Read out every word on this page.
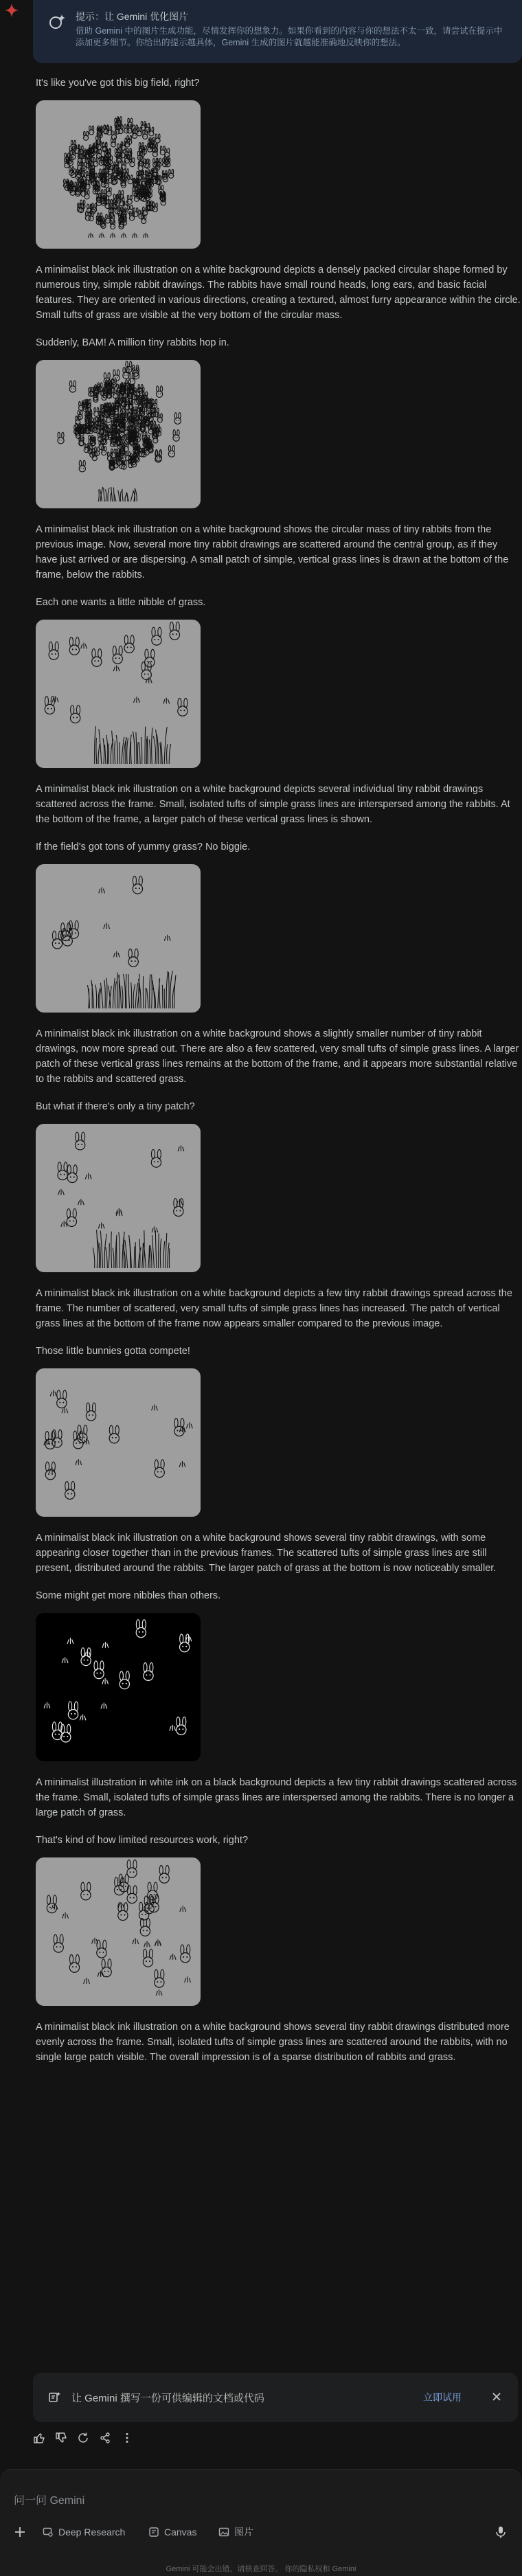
提示：让 Gemini 优化图片
借助 Gemini 中的图片生成功能，尽情发挥你的想象力。如果你看到的内容与你的想法不太一致，请尝试在提示中添加更多细节。你给出的提示越具体，Gemini 生成的图片就越能准确地反映你的想法。

It's like you've got this big field, right?

A minimalist black ink illustration on a white background depicts a densely packed circular shape formed by numerous tiny, simple rabbit drawings. The rabbits have small round heads, long ears, and basic facial features. They are oriented in various directions, creating a textured, almost furry appearance within the circle. Small tufts of grass are visible at the very bottom of the circular mass.

Suddenly, BAM! A million tiny rabbits hop in.

A minimalist black ink illustration on a white background shows the circular mass of tiny rabbits from the previous image. Now, several more tiny rabbit drawings are scattered around the central group, as if they have just arrived or are dispersing. A small patch of simple, vertical grass lines is drawn at the bottom of the frame, below the rabbits.

Each one wants a little nibble of grass.

A minimalist black ink illustration on a white background depicts several individual tiny rabbit drawings scattered across the frame. Small, isolated tufts of simple grass lines are interspersed among the rabbits. At the bottom of the frame, a larger patch of these vertical grass lines is shown.

If the field's got tons of yummy grass? No biggie.

A minimalist black ink illustration on a white background shows a slightly smaller number of tiny rabbit drawings, now more spread out. There are also a few scattered, very small tufts of simple grass lines. A larger patch of these vertical grass lines remains at the bottom of the frame, and it appears more substantial relative to the rabbits and scattered grass.

But what if there's only a tiny patch?

A minimalist black ink illustration on a white background depicts a few tiny rabbit drawings spread across the frame. The number of scattered, very small tufts of simple grass lines has increased. The patch of vertical grass lines at the bottom of the frame now appears smaller compared to the previous image.

Those little bunnies gotta compete!

A minimalist black ink illustration on a white background shows several tiny rabbit drawings, with some appearing closer together than in the previous frames. The scattered tufts of simple grass lines are still present, distributed around the rabbits. The larger patch of grass at the bottom is now noticeably smaller.

Some might get more nibbles than others.

A minimalist illustration in white ink on a black background depicts a few tiny rabbit drawings scattered across the frame. Small, isolated tufts of simple grass lines are interspersed among the rabbits. There is no longer a large patch of grass.

That's kind of how limited resources work, right?

A minimalist black ink illustration on a white background shows several tiny rabbit drawings distributed more evenly across the frame. Small, isolated tufts of simple grass lines are scattered around the rabbits, with no single large patch visible. The overall impression is of a sparse distribution of rabbits and grass.

让 Gemini 撰写一份可供编辑的文档或代码	立即试用
问一问 Gemini
Deep Research	Canvas	图片
Gemini 可能会出错，请核查回答。 你的隐私权和 Gemini
